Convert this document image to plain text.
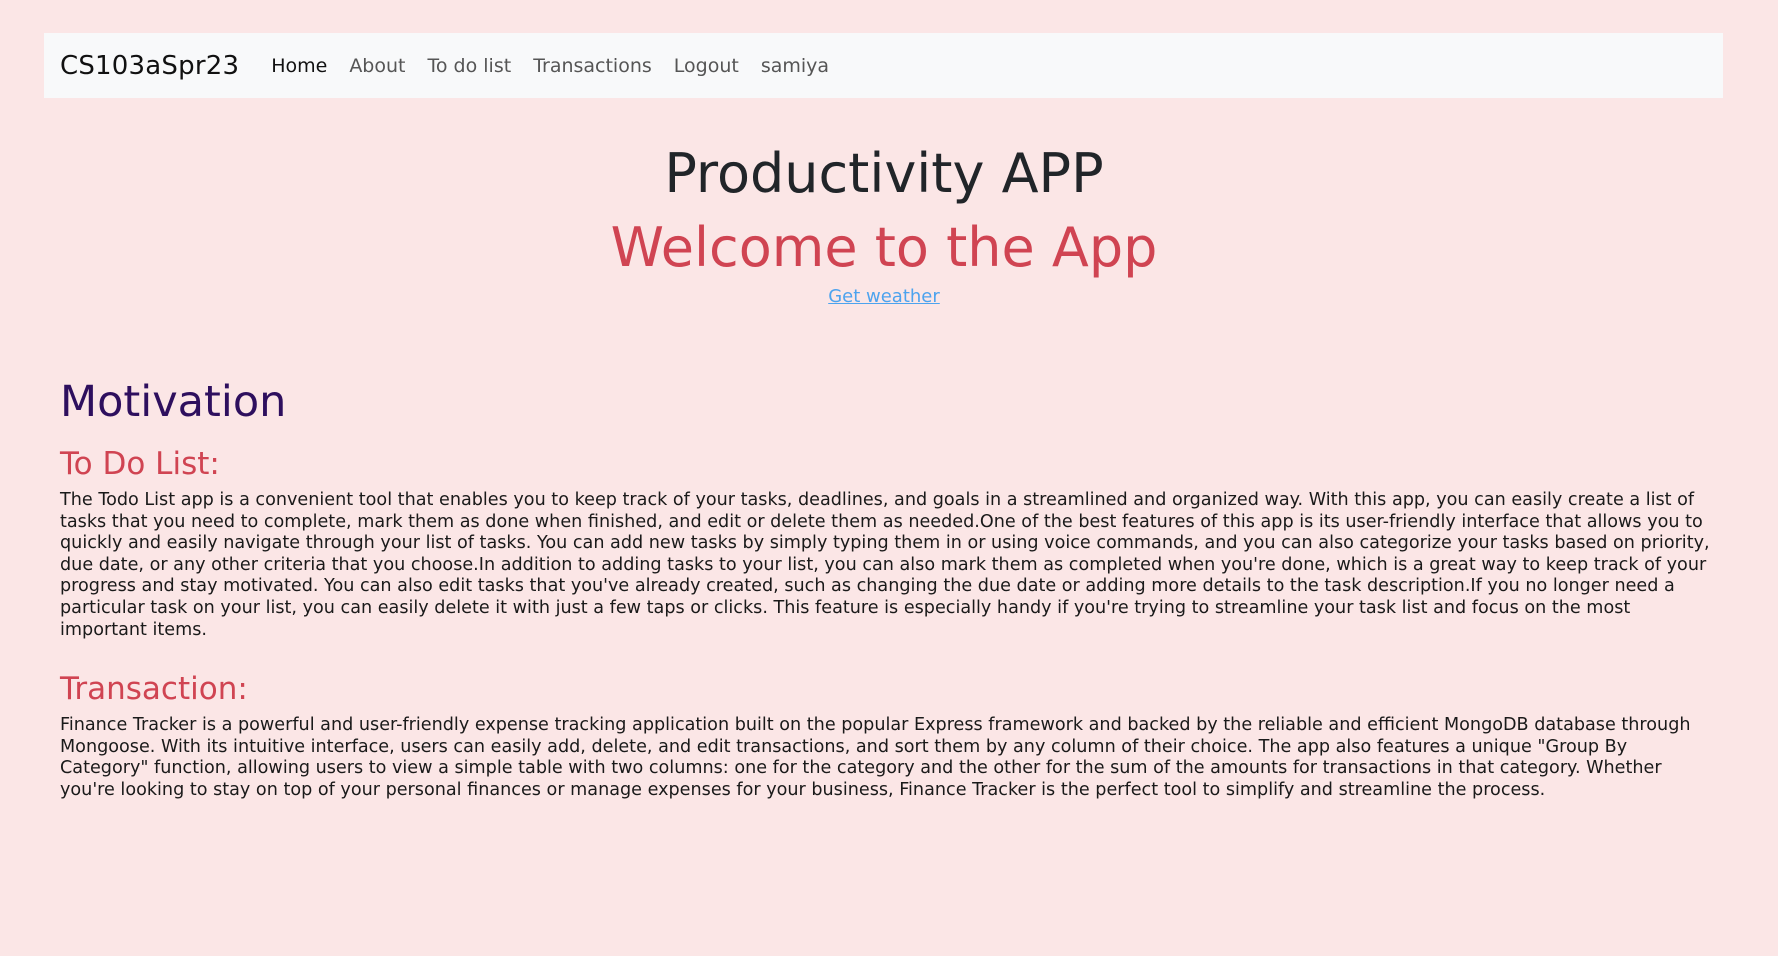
CS103aSpr23 Home About To do list Transactions Logout samiya
Productivity APP
Welcome to the App
Get weather
Motivation
To Do List:

The Todo List app is a convenient tool that enables you to keep track of your tasks, deadlines, and goals in a streamlined and organized way. With this app, you can easily create a list of tasks that you need to complete, mark them as done when finished, and edit or delete them as needed.One of the best features of this app is its user-friendly interface that allows you to quickly and easily navigate through your list of tasks. You can add new tasks by simply typing them in or using voice commands, and you can also categorize your tasks based on priority, due date, or any other criteria that you choose.In addition to adding tasks to your list, you can also mark them as completed when you're done, which is a great way to keep track of your progress and stay motivated. You can also edit tasks that you've already created, such as changing the due date or adding more details to the task description.If you no longer need a particular task on your list, you can easily delete it with just a few taps or clicks. This feature is especially handy if you're trying to streamline your task list and focus on the most important items.

Transaction:

Finance Tracker is a powerful and user-friendly expense tracking application built on the popular Express framework and backed by the reliable and efficient MongoDB database through Mongoose. With its intuitive interface, users can easily add, delete, and edit transactions, and sort them by any column of their choice. The app also features a unique "Group By Category" function, allowing users to view a simple table with two columns: one for the category and the other for the sum of the amounts for transactions in that category. Whether you're looking to stay on top of your personal finances or manage expenses for your business, Finance Tracker is the perfect tool to simplify and streamline the process.
